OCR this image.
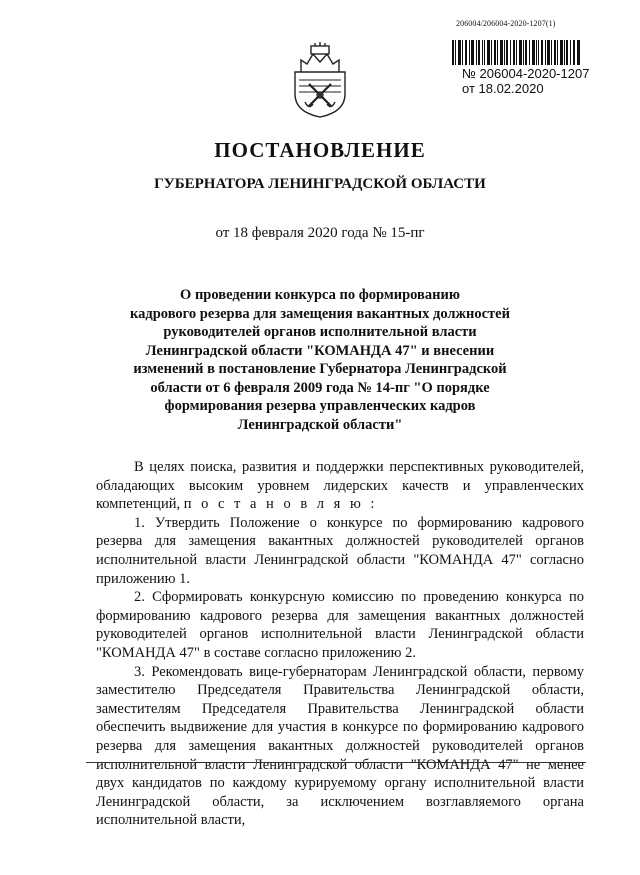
206004/206004-2020-1207(1)
№ 206004-2020-1207
от 18.02.2020
ПОСТАНОВЛЕНИЕ
ГУБЕРНАТОРА ЛЕНИНГРАДСКОЙ ОБЛАСТИ
от 18 февраля 2020 года № 15-пг
О проведении конкурса по формированию
кадрового резерва для замещения вакантных должностей
руководителей органов исполнительной власти
Ленинградской области "КОМАНДА 47" и внесении
изменений в постановление Губернатора Ленинградской
области от 6 февраля 2009 года № 14-пг "О порядке
формирования резерва управленческих кадров
Ленинградской области"

В целях поиска, развития и поддержки перспективных руководителей, обладающих высоким уровнем лидерских качеств и управленческих компетенций, п о с т а н о в л я ю :

1. Утвердить Положение о конкурсе по формированию кадрового резерва для замещения вакантных должностей руководителей органов исполнительной власти Ленинградской области "КОМАНДА 47" согласно приложению 1.

2. Сформировать конкурсную комиссию по проведению конкурса по формированию кадрового резерва для замещения вакантных должностей руководителей органов исполнительной власти Ленинградской области "КОМАНДА 47" в составе согласно приложению 2.

3. Рекомендовать вице-губернаторам Ленинградской области, первому заместителю Председателя Правительства Ленинградской области, заместителям Председателя Правительства Ленинградской области обеспечить выдвижение для участия в конкурсе по формированию кадрового резерва для замещения вакантных должностей руководителей органов исполнительной власти Ленинградской области "КОМАНДА 47" не менее двух кандидатов по каждому курируемому органу исполнительной власти Ленинградской области, за исключением возглавляемого органа исполнительной власти,
